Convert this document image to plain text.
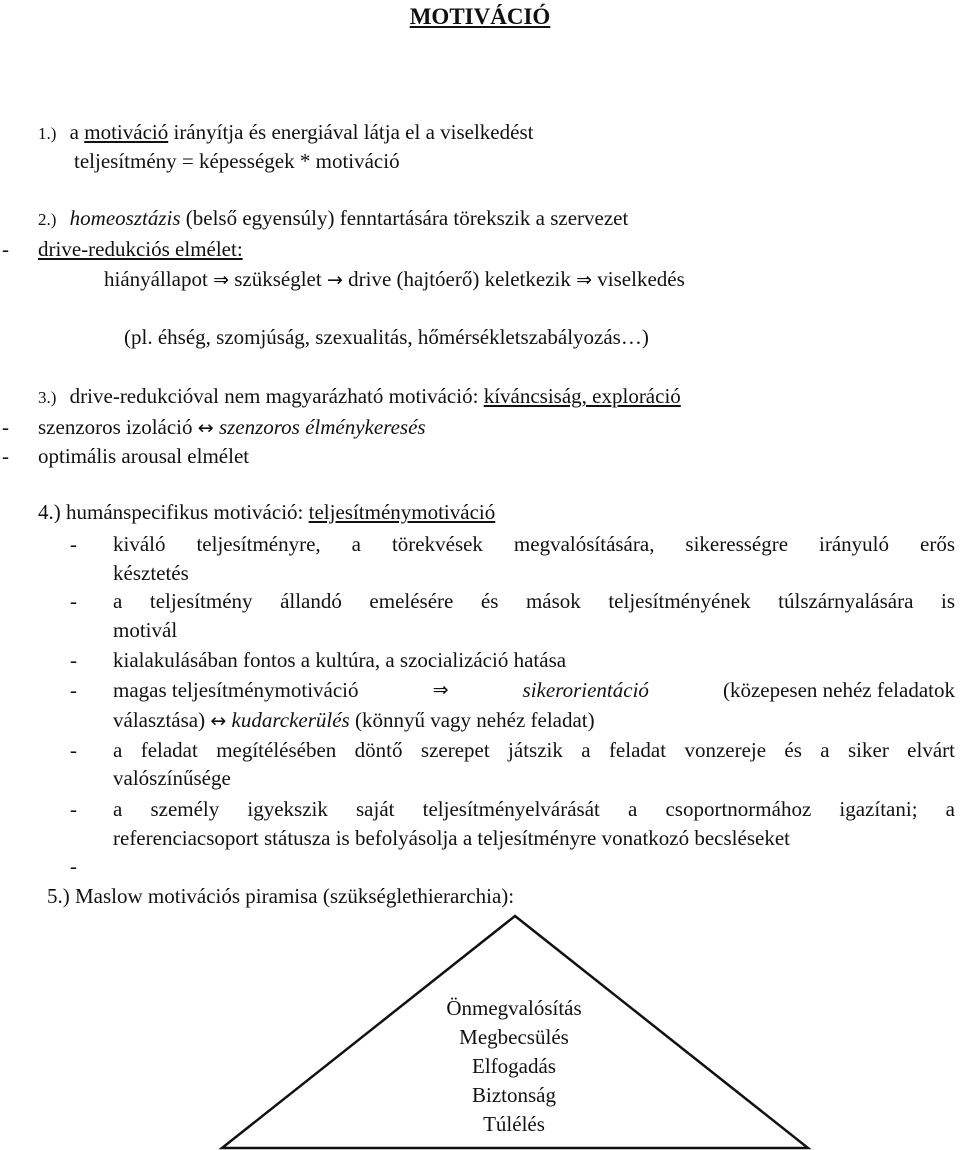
MOTIVÁCIÓ
1.) a motiváció irányítja és energiával látja el a viselkedést
teljesítmény = képességek * motiváció
2.) homeosztázis (belső egyensúly) fenntartására törekszik a szervezet
- drive-redukciós elmélet:
hiányállapot ⇒ szükséglet → drive (hajtóerő) keletkezik ⇒ viselkedés
(pl. éhség, szomjúság, szexualitás, hőmérsékletszabályozás…)
3.) drive-redukcióval nem magyarázható motiváció: kíváncsiság, exploráció
- szenzoros izoláció ↔ szenzoros élménykeresés
- optimális arousal elmélet
4.) humánspecifikus motiváció: teljesítménymotiváció
- kiváló teljesítményre, a törekvések megvalósítására, sikerességre irányuló erős
késztetés
- a teljesítmény állandó emelésére és mások teljesítményének túlszárnyalására is
motivál
- kialakulásában fontos a kultúra, a szocializáció hatása
- magas teljesítménymotiváció	⇒	sikerorientáció	(közepesen nehéz feladatok
választása) ↔ kudarckerülés (könnyű vagy nehéz feladat)
- a feladat megítélésében döntő szerepet játszik a feladat vonzereje és a siker elvárt
valószínűsége
- a személy igyekszik saját teljesítményelvárását a csoportnormához igazítani; a
referenciacsoport státusza is befolyásolja a teljesítményre vonatkozó becsléseket
-
5.) Maslow motivációs piramisa (szükséglethierarchia):
Önmegvalósítás
Megbecsülés
Elfogadás
Biztonság
Túlélés
